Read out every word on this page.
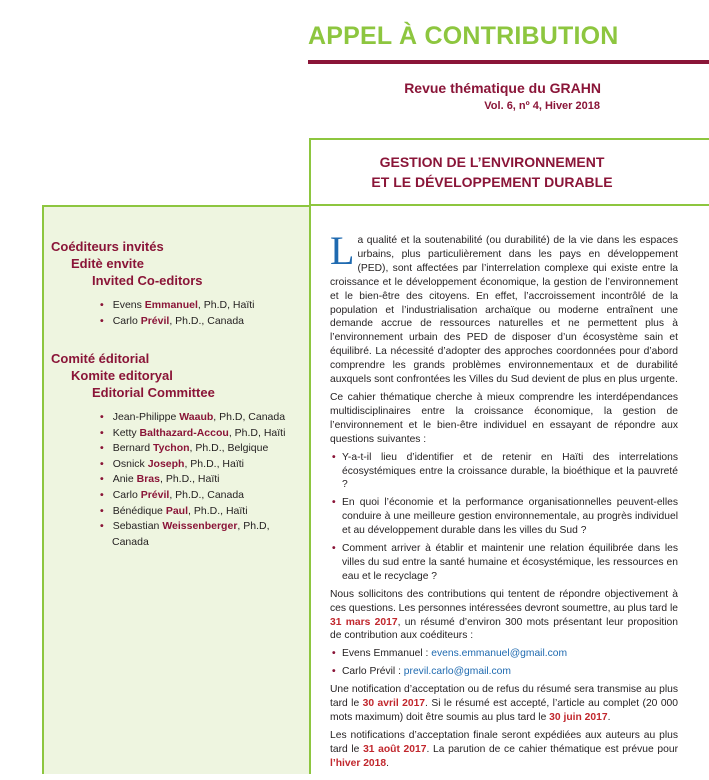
APPEL À CONTRIBUTION
Revue thématique du GRAHN
Vol. 6, nº 4, Hiver 2018
GESTION DE L’ENVIRONNEMENT
ET LE DÉVELOPPEMENT DURABLE
Coéditeurs invités
Editè envite
Invited Co-editors
• Evens Emmanuel, Ph.D, Haïti
• Carlo Prévil, Ph.D., Canada
Comité éditorial
Komite editoryal
Editorial Committee
• Jean-Philippe Waaub, Ph.D, Canada
• Ketty Balthazard-Accou, Ph.D, Haïti
• Bernard Tychon, Ph.D., Belgique
• Osnick Joseph, Ph.D., Haïti
• Anie Bras, Ph.D., Haïti
• Carlo Prévil, Ph.D., Canada
• Bénédique Paul, Ph.D., Haïti
• Sebastian Weissenberger, Ph.D,
Canada

La qualité et la soutenabilité (ou durabilité) de la vie dans les espaces urbains, plus particulièrement dans les pays en développement (PED), sont affectées par l’interrelation complexe qui existe entre la croissance et le développement économique, la gestion de l’environnement et le bien-être des citoyens. En effet, l’accroissement incontrôlé de la population et l’industrialisation archaïque ou moderne entraînent une demande accrue de ressources naturelles et ne permettent plus à l’environnement urbain des PED de disposer d’un écosystème sain et équilibré. La nécessité d’adopter des approches coordonnées pour d’abord comprendre les grands problèmes environnementaux et de durabilité auxquels sont confrontées les Villes du Sud devient de plus en plus urgente.

Ce cahier thématique cherche à mieux comprendre les interdépendances multidisciplinaires entre la croissance économique, la gestion de l’environnement et le bien-être individuel en essayant de répondre aux questions suivantes :

• Y-a-t-il lieu d’identifier et de retenir en Haïti des interrelations écosystémiques entre la croissance durable, la bioéthique et la pauvreté ?
• En quoi l’économie et la performance organisationnelles peuvent-elles conduire à une meilleure gestion environnementale, au progrès individuel et au développement durable dans les villes du Sud ?
• Comment arriver à établir et maintenir une relation équilibrée dans les villes du sud entre la santé humaine et écosystémique, les ressources en eau et le recyclage ?

Nous sollicitons des contributions qui tentent de répondre objectivement à ces questions. Les personnes intéressées devront soumettre, au plus tard le 31 mars 2017, un résumé d’environ 300 mots présentant leur proposition de contribution aux coéditeurs :

• Evens Emmanuel : evens.emmanuel@gmail.com
• Carlo Prévil : previl.carlo@gmail.com

Une notification d’acceptation ou de refus du résumé sera transmise au plus tard le 30 avril 2017. Si le résumé est accepté, l’article au complet (20 000 mots maximum) doit être soumis au plus tard le 30 juin 2017.

Les notifications d’acceptation finale seront expédiées aux auteurs au plus tard le 31 août 2017. La parution de ce cahier thématique est prévue pour l’hiver 2018.
